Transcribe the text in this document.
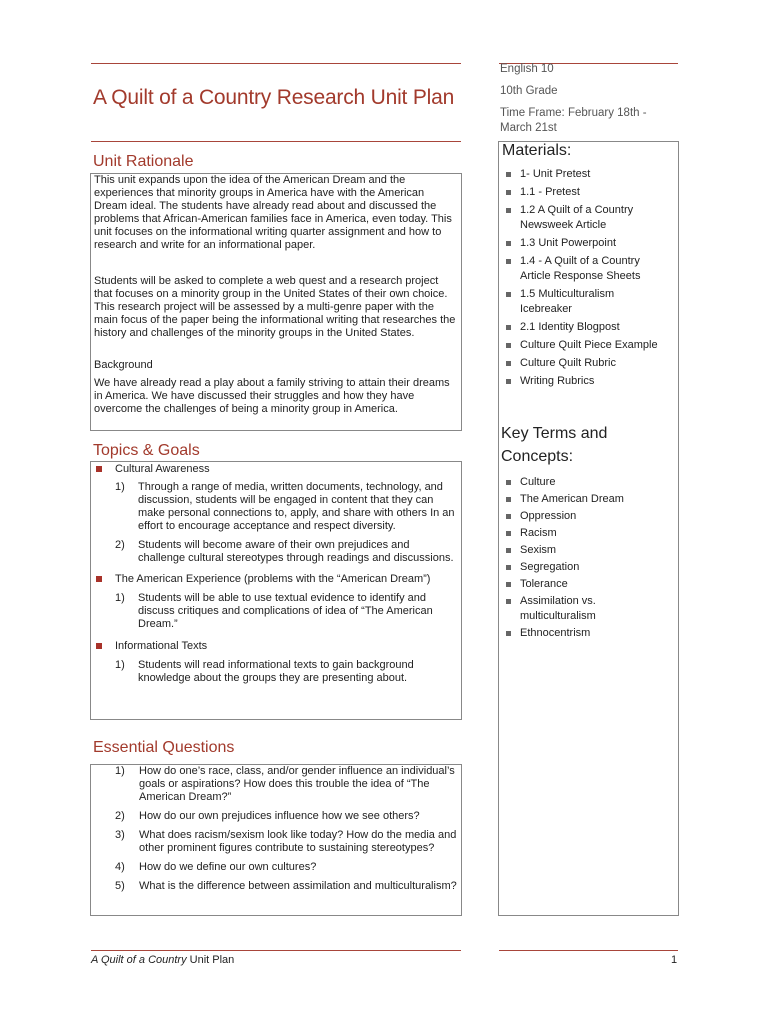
A Quilt of a Country Research Unit Plan
English 10
10th Grade
Time Frame: February 18th - March 21st
Unit Rationale
This unit expands upon the idea of the American Dream and the experiences that minority groups in America have with the American Dream ideal. The students have already read about and discussed the problems that African-American families face in America, even today. This unit focuses on the informational writing quarter assignment and how to research and write for an informational paper.
Students will be asked to complete a web quest and a research project that focuses on a minority group in the United States of their own choice. This research project will be assessed by a multi-genre paper with the main focus of the paper being the informational writing that researches the history and challenges of the minority groups in the United States.
Background
We have already read a play about a family striving to attain their dreams in America. We have discussed their struggles and how they have overcome the challenges of being a minority group in America.
Topics & Goals
Cultural Awareness
1) Through a range of media, written documents, technology, and discussion, students will be engaged in content that they can make personal connections to, apply, and share with others In an effort to encourage acceptance and respect diversity.
2) Students will become aware of their own prejudices and challenge cultural stereotypes through readings and discussions.
The American Experience (problems with the “American Dream”)
1) Students will be able to use textual evidence to identify and discuss critiques and complications of idea of “The American Dream.”
Informational Texts
1) Students will read informational texts to gain background knowledge about the groups they are presenting about.
Essential Questions
1) How do one’s race, class, and/or gender influence an individual’s goals or aspirations? How does this trouble the idea of “The American Dream?”
2) How do our own prejudices influence how we see others?
3) What does racism/sexism look like today? How do the media and other prominent figures contribute to sustaining stereotypes?
4) How do we define our own cultures?
5) What is the difference between assimilation and multiculturalism?
Materials:
1- Unit Pretest
1.1 - Pretest
1.2 A Quilt of a Country Newsweek Article
1.3 Unit Powerpoint
1.4 - A Quilt of a Country Article Response Sheets
1.5 Multiculturalism Icebreaker
2.1 Identity Blogpost
Culture Quilt Piece Example
Culture Quilt Rubric
Writing Rubrics
Key Terms and Concepts:
Culture
The American Dream
Oppression
Racism
Sexism
Segregation
Tolerance
Assimilation vs. multiculturalism
Ethnocentrism
A Quilt of a Country Unit Plan	1
